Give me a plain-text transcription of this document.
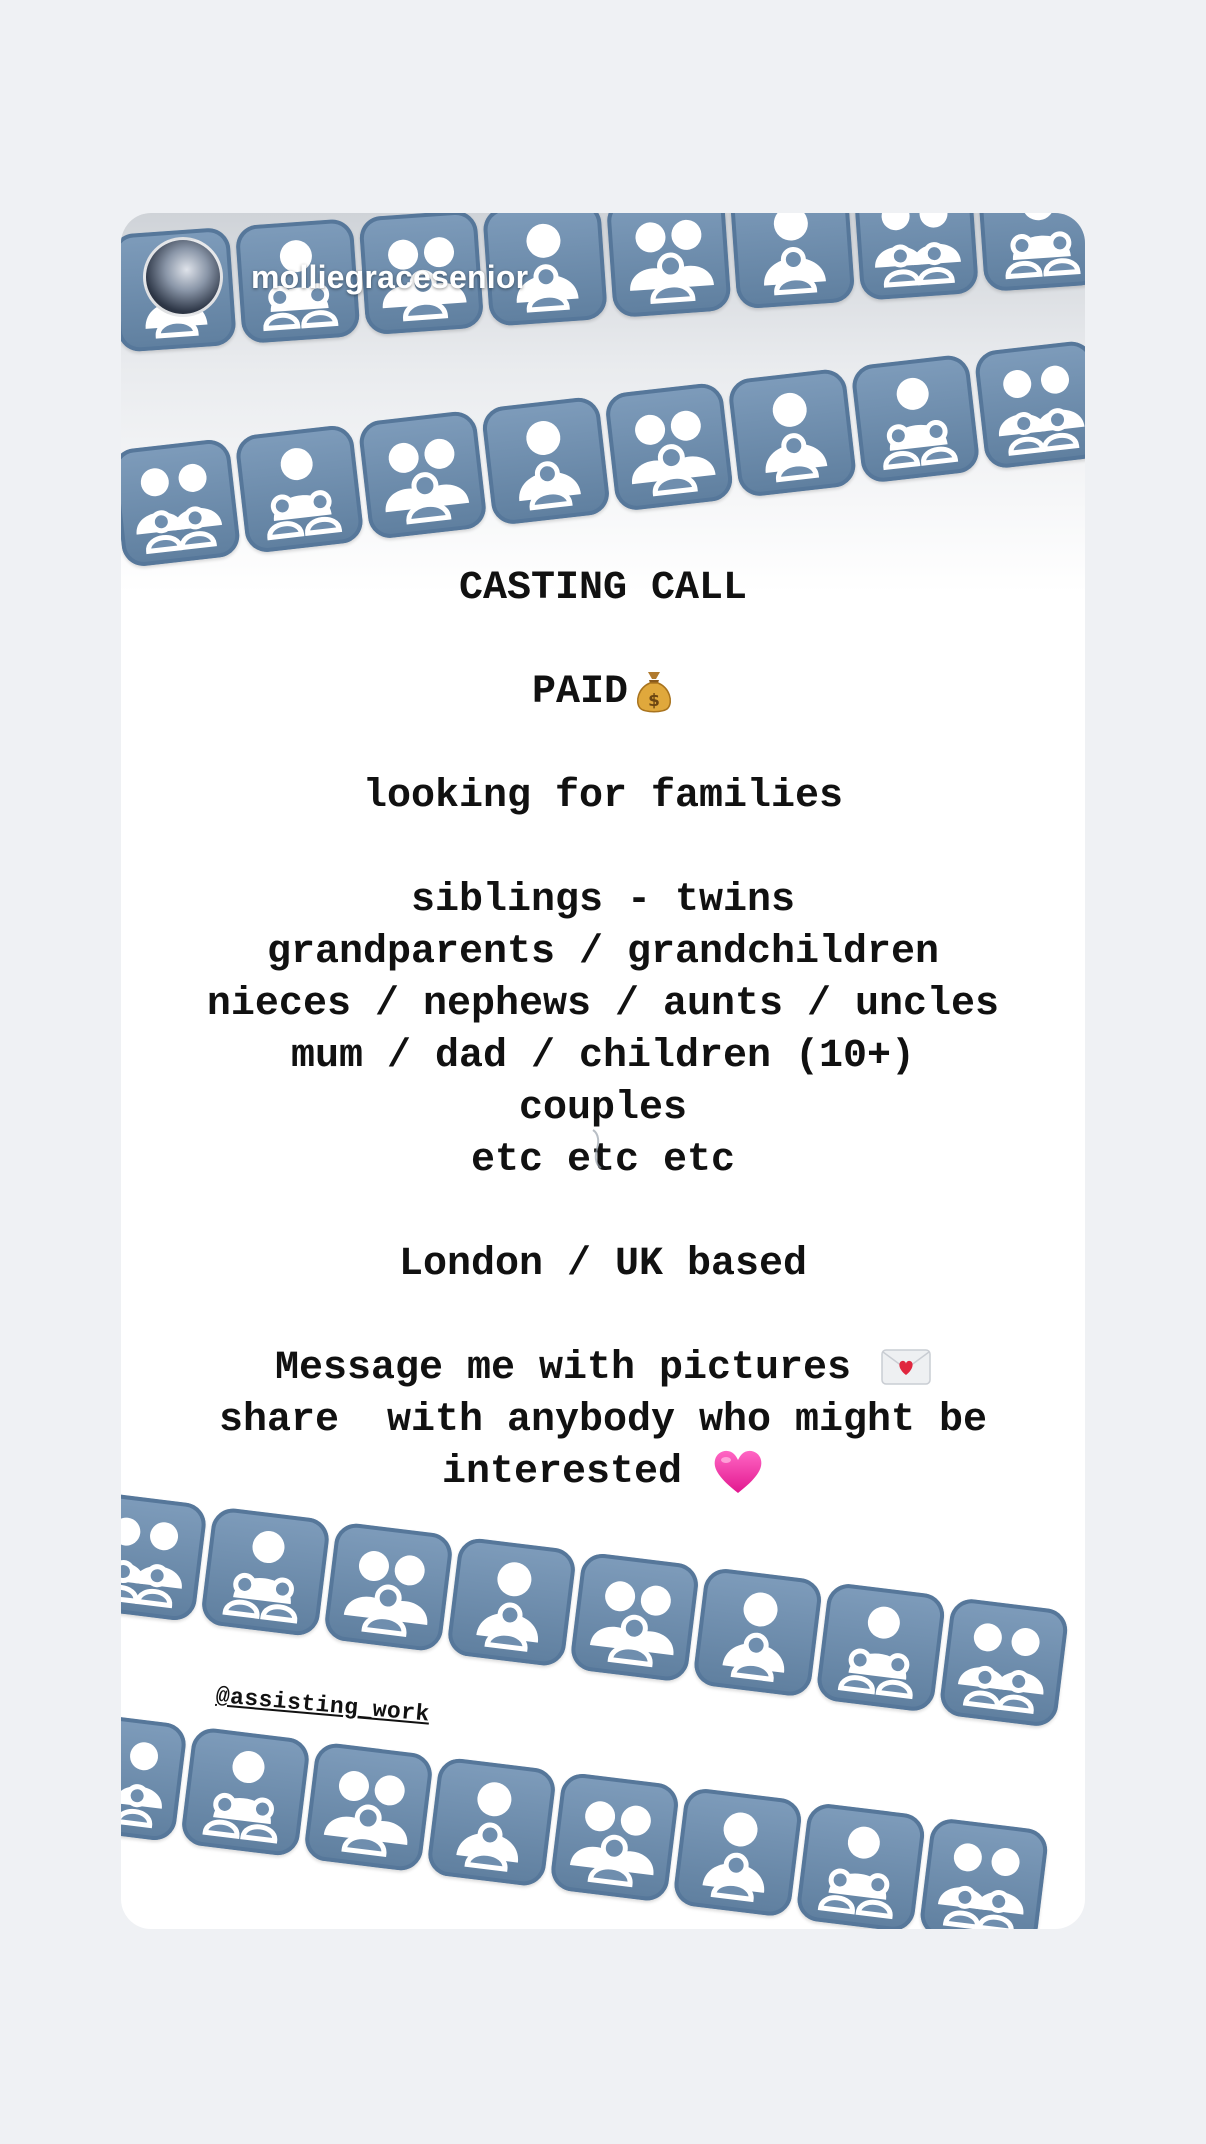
molliegracesenior
CASTING CALL
PAID $
looking for families
siblings - twins
grandparents / grandchildren
nieces / nephews / aunts / uncles
mum / dad / children (10+)
couples
etc etc etc
London / UK based
Message me with pictures
share  with anybody who might be
interested
@assisting_work
